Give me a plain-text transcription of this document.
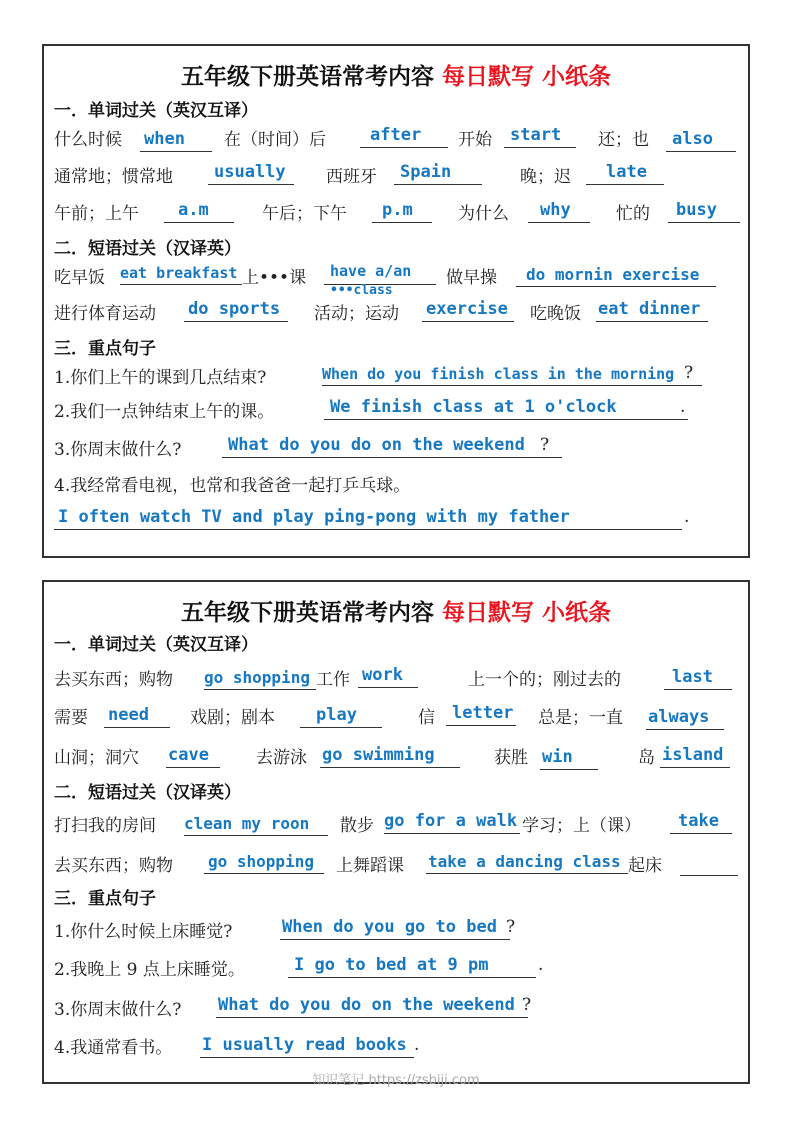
五年级下册英语常考内容 每日默写 小纸条
一．单词过关（英汉互译）
什么时候 when 在（时间）后	after 开始 start 还；也 also
通常地；惯常地 usually 西班牙 Spain	晚；迟 late
午前；上午 a.m	午后；下午 p.m	为什么 why	忙的 busy
二．短语过关（汉译英）
吃早饭 eat breakfast 上•••课 have a/an
•••class
做早操 do mornin exercise
进行体育运动 do sports 活动；运动 exercise 吃晚饭 eat dinner
三．重点句子
1.你们上午的课到几点结束?	When do you finish class in the morning ?
2.我们一点钟结束上午的课。	We finish class at 1 o'clock	.
3.你周末做什么?	What do you do on the weekend ?
4.我经常看电视，也常和我爸爸一起打乒乓球。
I often watch TV and play ping-pong with my father	.
五年级下册英语常考内容 每日默写 小纸条
一．单词过关（英汉互译）
去买东西；购物 go shopping 工作 work	上一个的；刚过去的	last
需要 need 戏剧；剧本 play	信 letter 总是；一直 always
山洞；洞穴 cave	去游泳 go swimming	获胜 win	岛 island
二．短语过关（汉译英）
打扫我的房间 clean my roon 散步 go for a walk 学习；上（课） take
去买东西；购物 go shopping 上舞蹈课 take a dancing class 起床
三．重点句子
1.你什么时候上床睡觉?	When do you go to bed ?
2.我晚上 9 点上床睡觉。	I go to bed at 9 pm	.
3.你周末做什么? What do you do on the weekend ?
4.我通常看书。 I usually read books .
知识笔记 https://zsbiji.com
